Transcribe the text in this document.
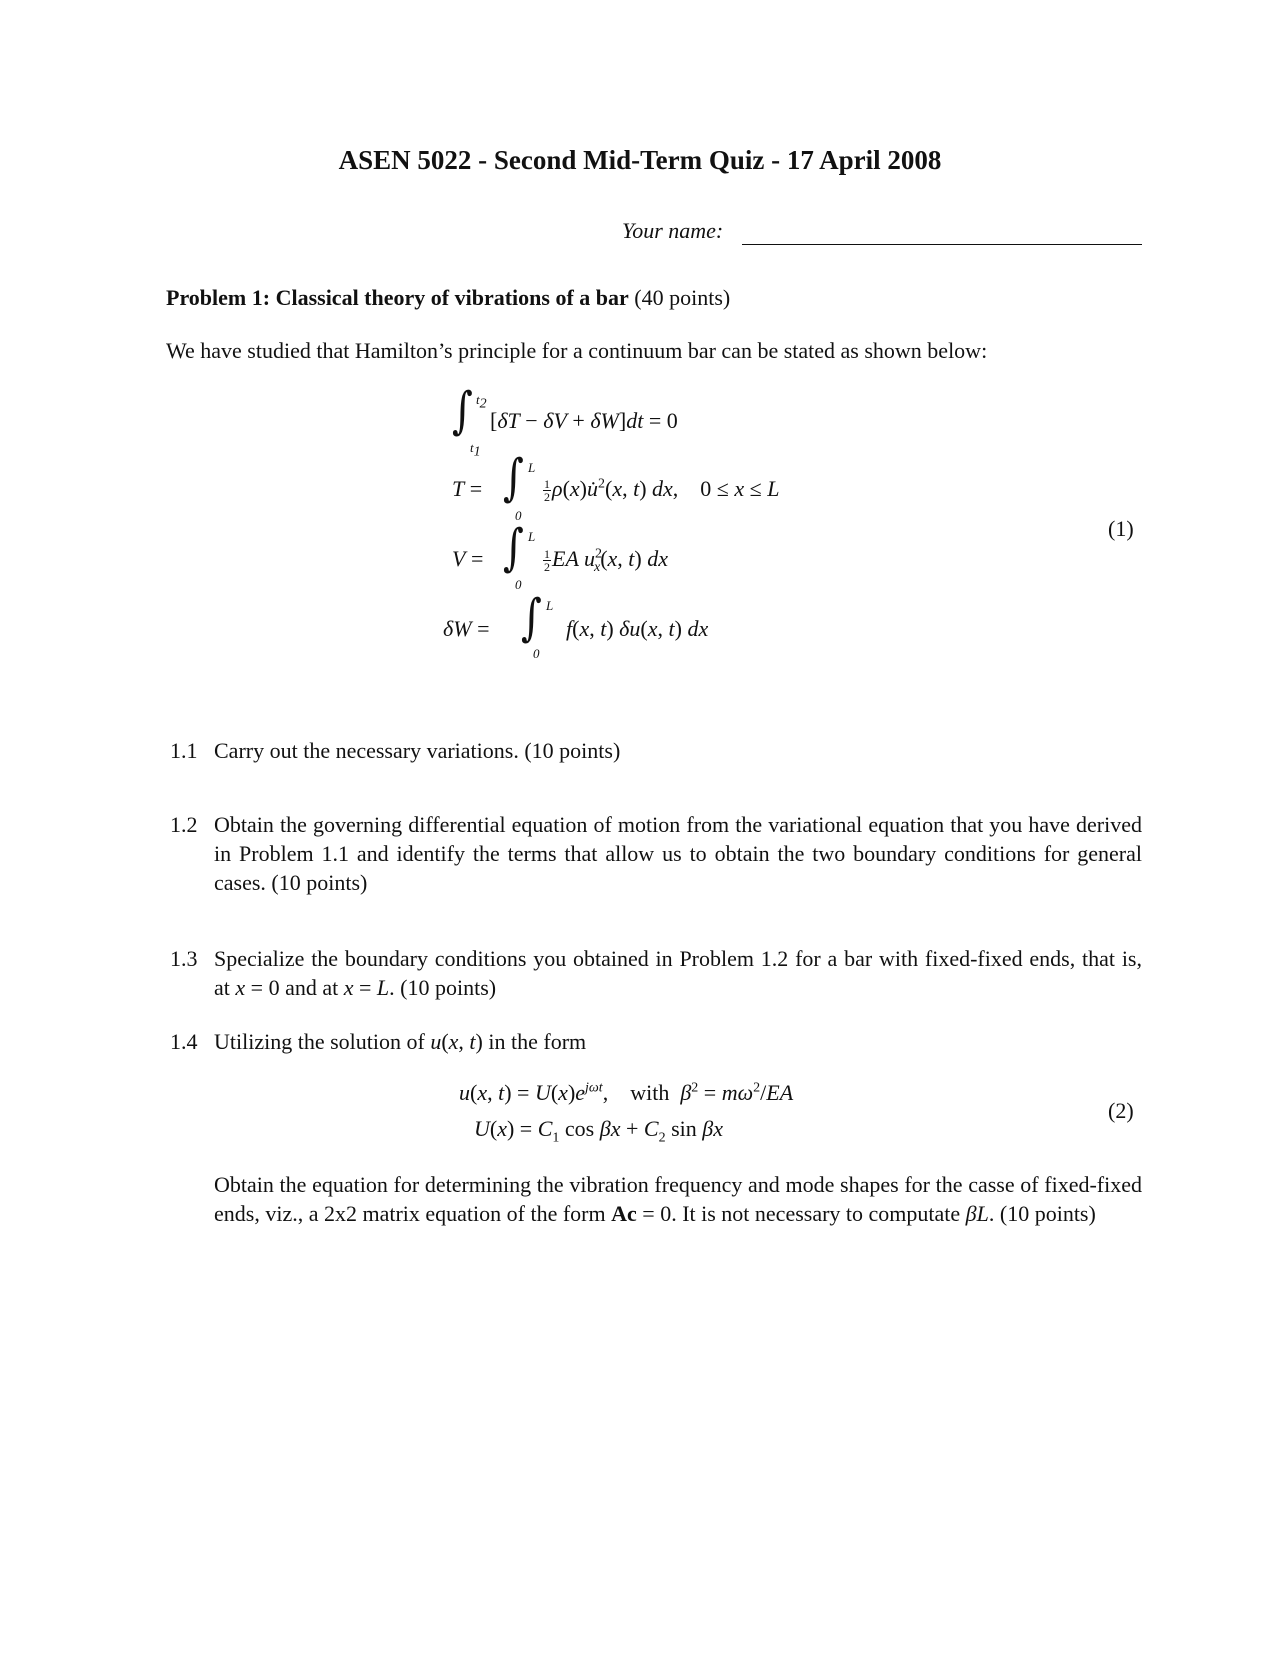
ASEN 5022 - Second Mid-Term Quiz - 17 April 2008
Your name:
Problem 1: Classical theory of vibrations of a bar (40 points)
We have studied that Hamilton’s principle for a continuum bar can be stated as shown below:
∫ $t_2$
$t_1$
[δT − δV + δW]dt = 0
T = ∫ L
0
$\frac{1}{2}$ ρ(x)u̇$^2$(x, t) dx,    0 ≤ x ≤ L
V = ∫ L
0
$\frac{1}{2}$ EA $u^2_x(x$, t) dx
δW = ∫ L
0
f(x, t) δu(x, t) dx
(1)
1.1 Carry out the necessary variations. (10 points)
1.2 Obtain the governing differential equation of motion from the variational equation that you have derived in Problem 1.1 and identify the terms that allow us to obtain the two boundary conditions for general cases. (10 points)
1.3 Specialize the boundary conditions you obtained in Problem 1.2 for a bar with fixed-fixed ends, that is, at x = 0 and at x = L. (10 points)
1.4 Utilizing the solution of u(x, t) in the form
u(x, $t) = U(x)e^{j\omega t}$,    with  $\beta^2 = m\omega^2/EA$
$U(x) = C_1$ $\cos \beta x + C_2$ sin βx
(2)
Obtain the equation for determining the vibration frequency and mode shapes for the casse of fixed-fixed ends, viz., a 2x2 matrix equation of the form Ac = 0. It is not necessary to computate βL. (10 points)
